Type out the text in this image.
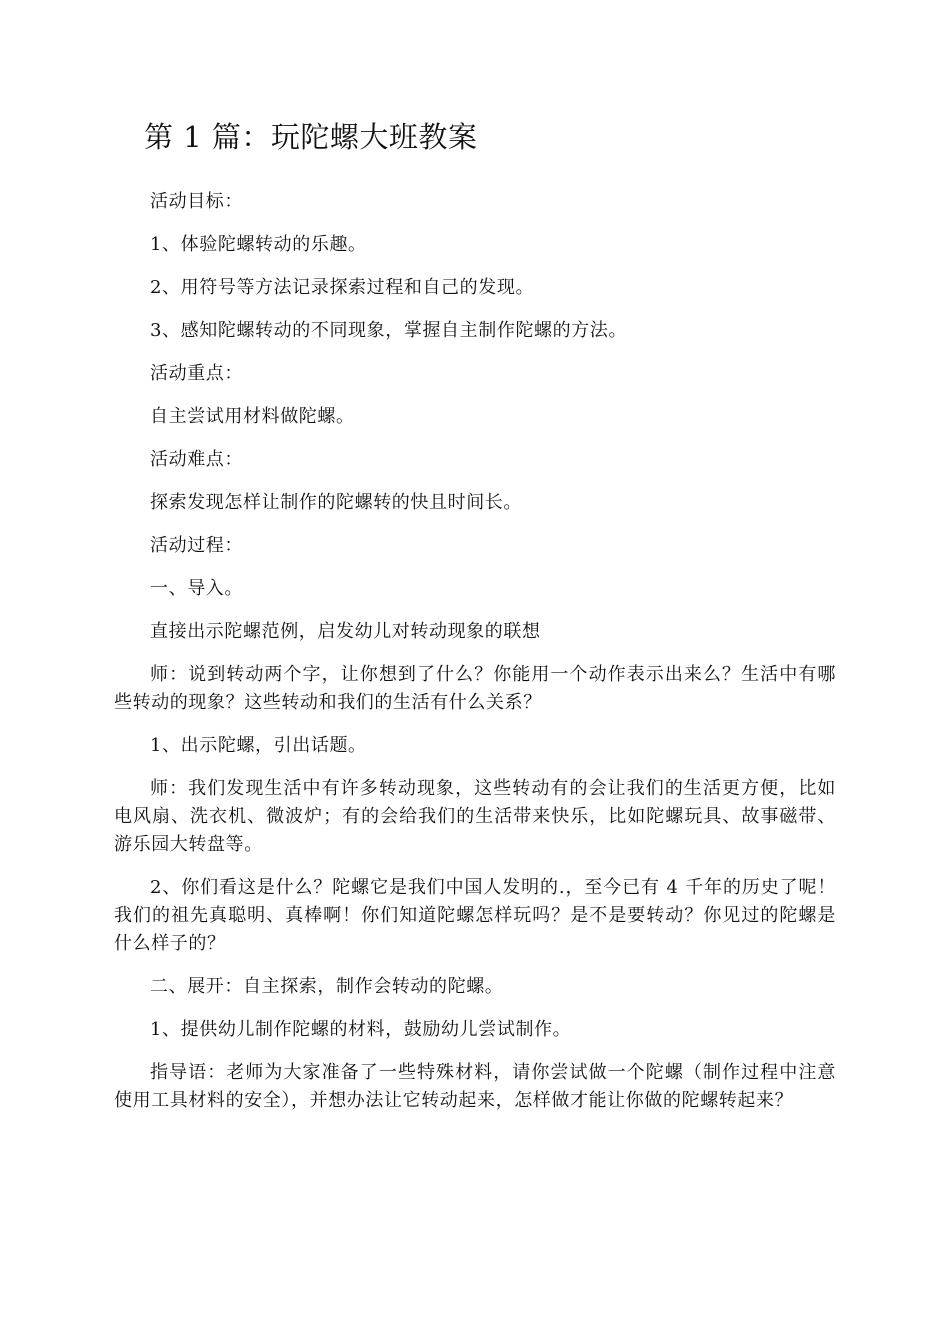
第 1 篇：玩陀螺大班教案

活动目标：

1、体验陀螺转动的乐趣。

2、用符号等方法记录探索过程和自己的发现。

3、感知陀螺转动的不同现象，掌握自主制作陀螺的方法。

活动重点：

自主尝试用材料做陀螺。

活动难点：

探索发现怎样让制作的陀螺转的快且时间长。

活动过程：

一、导入。

直接出示陀螺范例，启发幼儿对转动现象的联想

师：说到转动两个字，让你想到了什么？你能用一个动作表示出来么？生活中有哪些转动的现象？这些转动和我们的生活有什么关系？

1、出示陀螺，引出话题。

师：我们发现生活中有许多转动现象，这些转动有的会让我们的生活更方便，比如电风扇、洗衣机、微波炉；有的会给我们的生活带来快乐，比如陀螺玩具、故事磁带、游乐园大转盘等。

2、你们看这是什么？陀螺它是我们中国人发明的.，至今已有 4 千年的历史了呢！我们的祖先真聪明、真棒啊！你们知道陀螺怎样玩吗？是不是要转动？你见过的陀螺是什么样子的？

二、展开：自主探索，制作会转动的陀螺。

1、提供幼儿制作陀螺的材料，鼓励幼儿尝试制作。

指导语：老师为大家准备了一些特殊材料，请你尝试做一个陀螺（制作过程中注意使用工具材料的安全），并想办法让它转动起来，怎样做才能让你做的陀螺转起来？
